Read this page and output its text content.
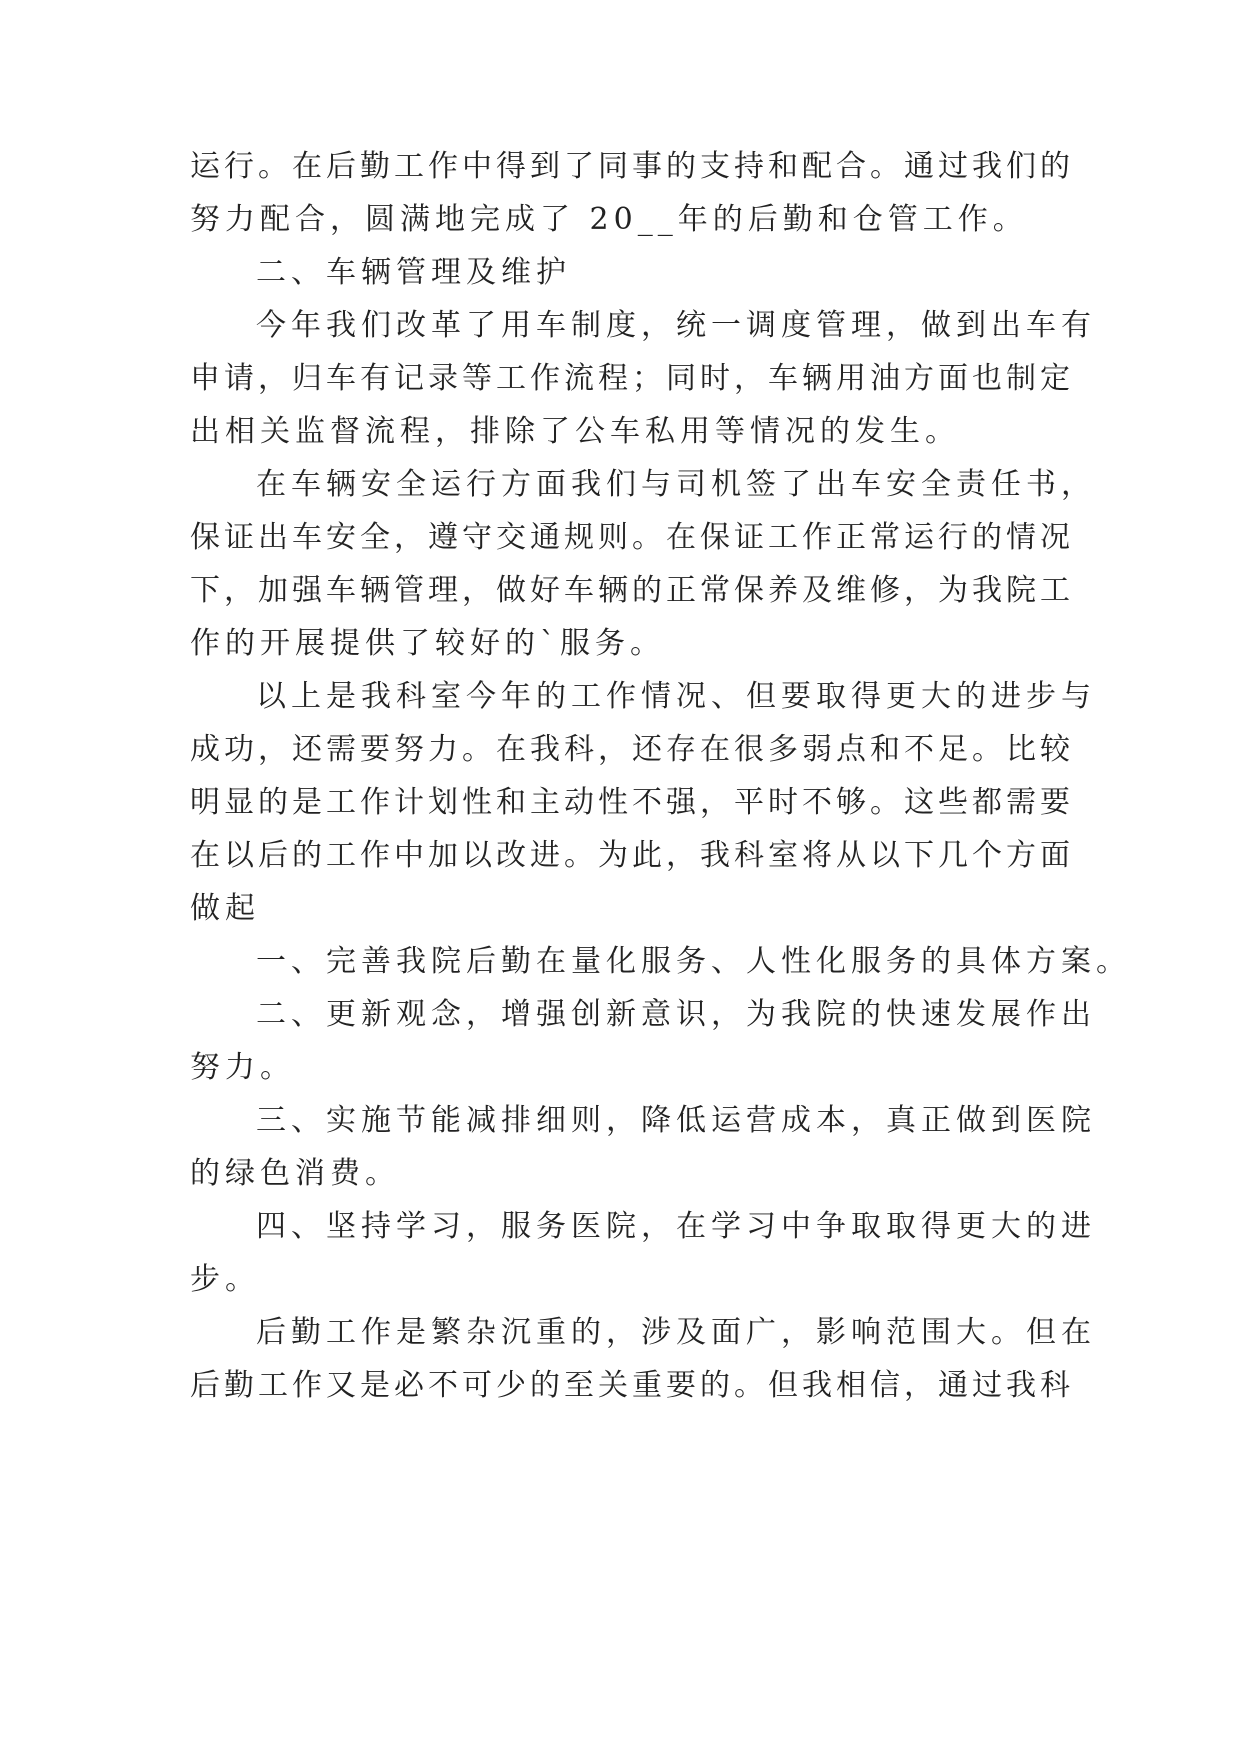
运行。在后勤工作中得到了同事的支持和配合。通过我们的
努力配合，圆满地完成了 20__年的后勤和仓管工作。
二、车辆管理及维护
今年我们改革了用车制度，统一调度管理，做到出车有
申请，归车有记录等工作流程；同时，车辆用油方面也制定
出相关监督流程，排除了公车私用等情况的发生。
在车辆安全运行方面我们与司机签了出车安全责任书，
保证出车安全，遵守交通规则。在保证工作正常运行的情况
下，加强车辆管理，做好车辆的正常保养及维修，为我院工
作的开展提供了较好的`服务。
以上是我科室今年的工作情况、但要取得更大的进步与
成功，还需要努力。在我科，还存在很多弱点和不足。比较
明显的是工作计划性和主动性不强，平时不够。这些都需要
在以后的工作中加以改进。为此，我科室将从以下几个方面
做起
一、完善我院后勤在量化服务、人性化服务的具体方案。
二、更新观念，增强创新意识，为我院的快速发展作出
努力。
三、实施节能减排细则，降低运营成本，真正做到医院
的绿色消费。
四、坚持学习，服务医院，在学习中争取取得更大的进
步。
后勤工作是繁杂沉重的，涉及面广，影响范围大。但在
后勤工作又是必不可少的至关重要的。但我相信，通过我科
